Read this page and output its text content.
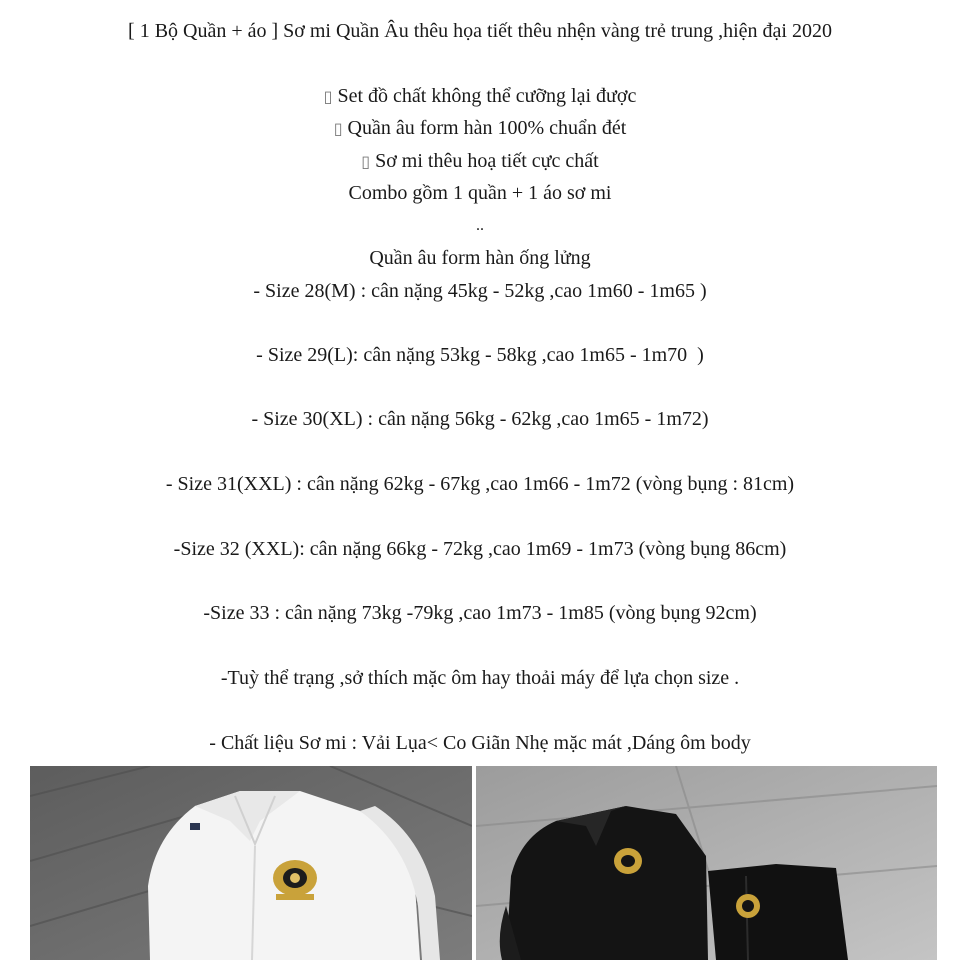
[ 1 Bộ Quần + áo ] Sơ mi Quần Âu thêu họa tiết thêu nhện vàng trẻ trung ,hiện đại 2020
▯ Set đồ chất không thể cưỡng lại được
▯ Quần âu form hàn 100% chuẩn đét
▯ Sơ mi thêu hoạ tiết cực chất
Combo gồm 1 quần + 1 áo sơ mi
..
Quần âu form hàn ống lửng
- Size 28(M) : cân nặng 45kg - 52kg ,cao 1m60 - 1m65 )
- Size 29(L): cân nặng 53kg - 58kg ,cao 1m65 - 1m70  )
- Size 30(XL) : cân nặng 56kg - 62kg ,cao 1m65 - 1m72)
- Size 31(XXL) : cân nặng 62kg - 67kg ,cao 1m66 - 1m72 (vòng bụng : 81cm)
-Size 32 (XXL): cân nặng 66kg - 72kg ,cao 1m69 - 1m73 (vòng bụng 86cm)
-Size 33 : cân nặng 73kg -79kg ,cao 1m73 - 1m85 (vòng bụng 92cm)
-Tuỳ thể trạng ,sở thích mặc ôm hay thoải máy để lựa chọn size .
- Chất liệu Sơ mi : Vải Lụa< Co Giãn Nhẹ mặc mát ,Dáng ôm body
